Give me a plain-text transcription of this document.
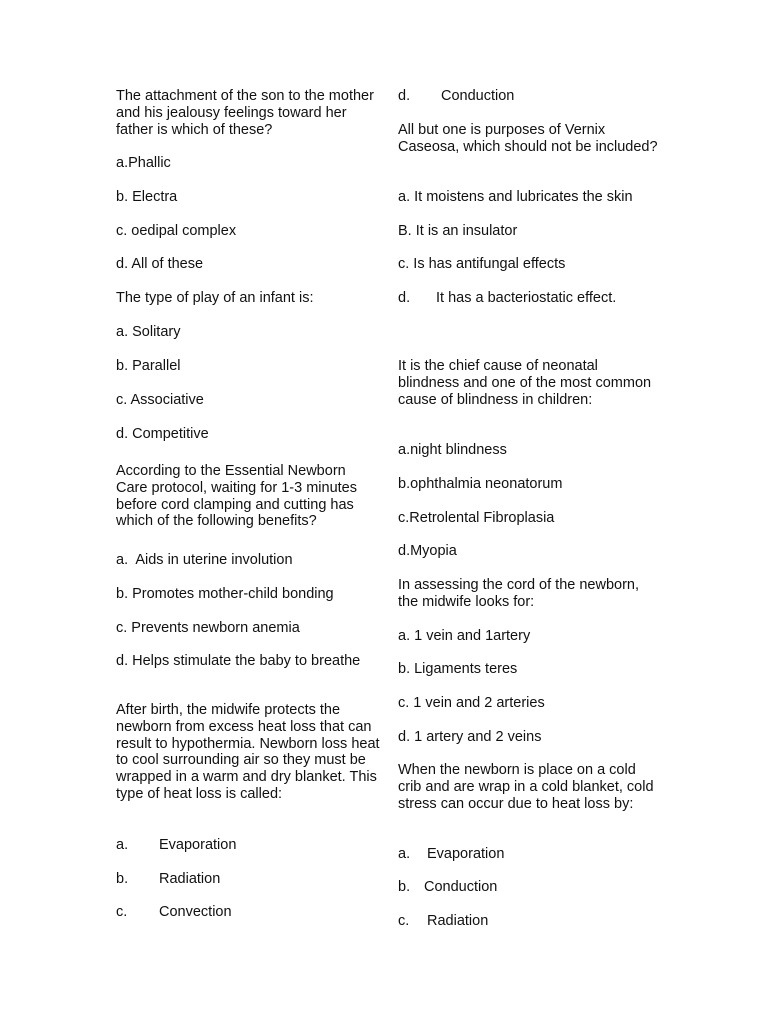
The attachment of the son to the mother and his jealousy feelings toward her father is which of these?
a.Phallic
b. Electra
c. oedipal complex
d. All of these
The type of play of an infant is:
a. Solitary
b. Parallel
c. Associative
d. Competitive
According to the Essential Newborn Care protocol, waiting for 1-3 minutes before cord clamping and cutting has which of the following benefits?
a.  Aids in uterine involution
b. Promotes mother-child bonding
c. Prevents newborn anemia
d. Helps stimulate the baby to breathe
After birth, the midwife protects the newborn from excess heat loss that can result to hypothermia. Newborn loss heat to cool surrounding air so they must be wrapped in a warm and dry blanket. This type of heat loss is called:
a. Evaporation
b. Radiation
c. Convection
d. Conduction
All but one is purposes of Vernix Caseosa, which should not be included?
a. It moistens and lubricates the skin
B. It is an insulator
c. Is has antifungal effects
d. It has a bacteriostatic effect.
It is the chief cause of neonatal blindness and one of the most common cause of blindness in children:
a.night blindness
b.ophthalmia neonatorum
c.Retrolental Fibroplasia
d.Myopia
In assessing the cord of the newborn, the midwife looks for:
a. 1 vein and 1artery
b. Ligaments teres
c. 1 vein and 2 arteries
d. 1 artery and 2 veins
When the newborn is place on a cold crib and are wrap in a cold blanket, cold stress can occur due to heat loss by:
a. Evaporation
b. Conduction
c. Radiation
